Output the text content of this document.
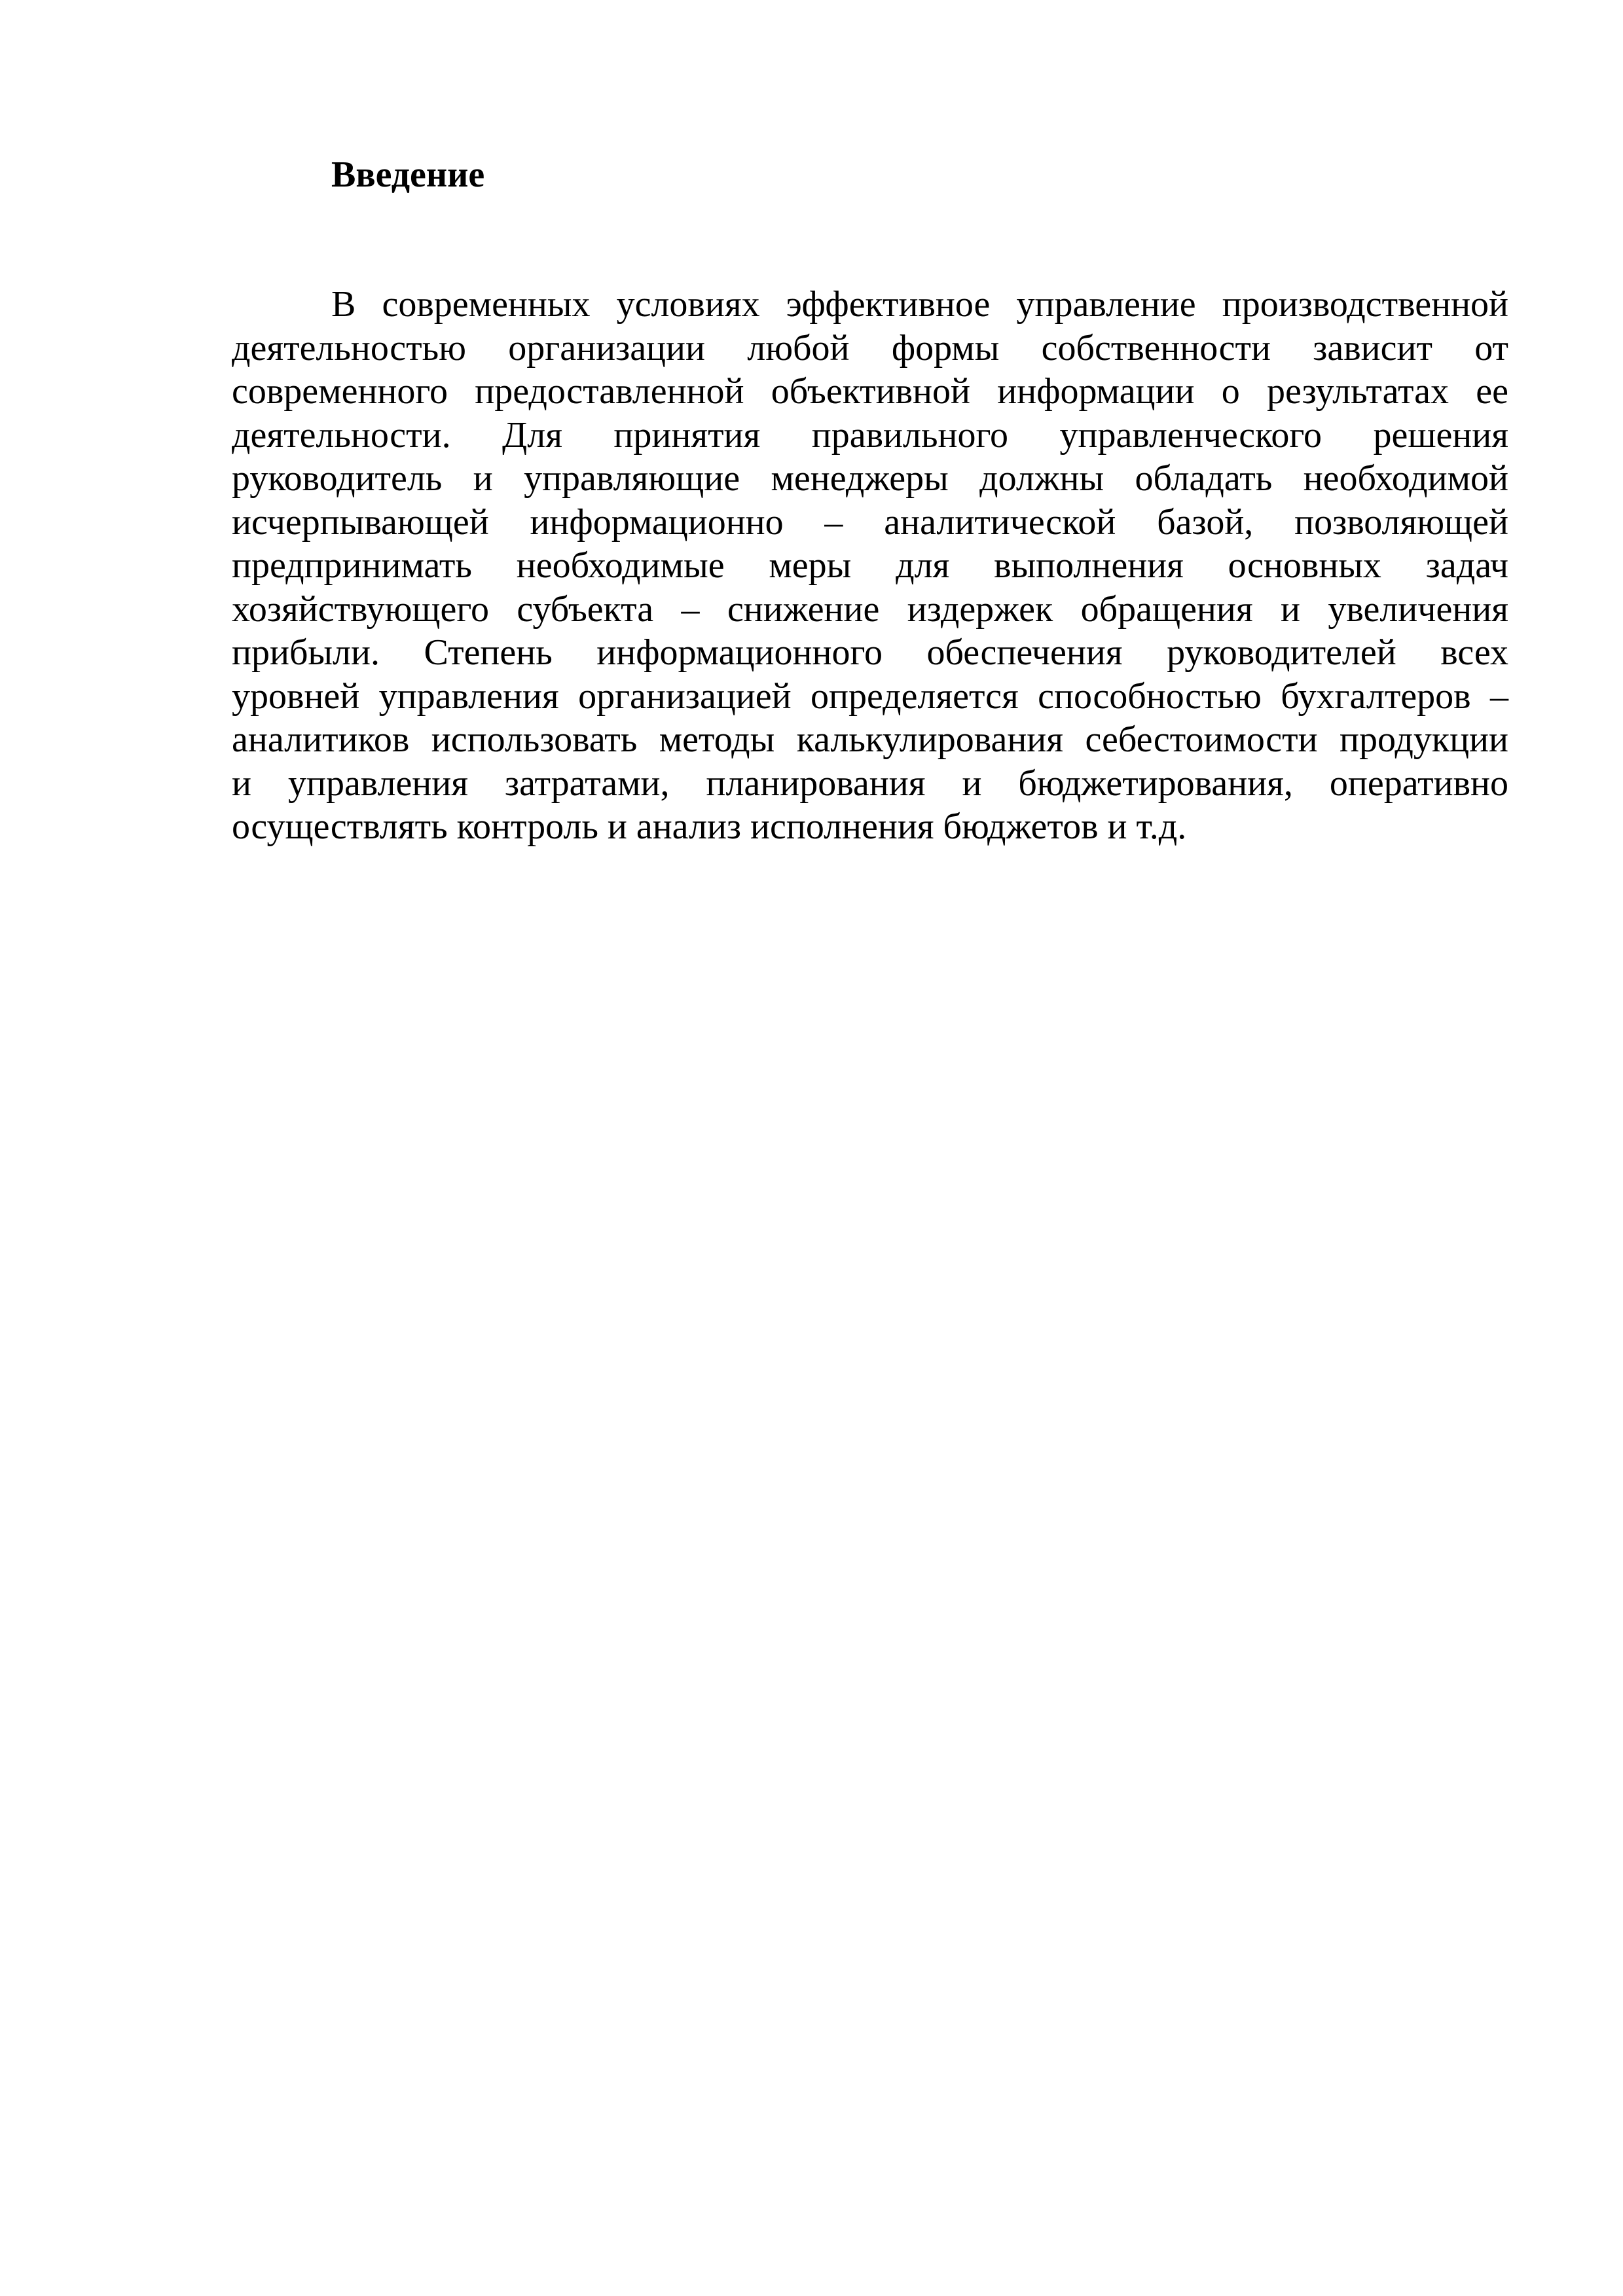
Введение
В современных условиях эффективное управление производственной
деятельностью организации любой формы собственности зависит от
современного предоставленной объективной информации о результатах ее
деятельности. Для принятия правильного управленческого решения
руководитель и управляющие менеджеры должны обладать необходимой
исчерпывающей информационно – аналитической базой, позволяющей
предпринимать необходимые меры для выполнения основных задач
хозяйствующего субъекта – снижение издержек обращения и увеличения
прибыли. Степень информационного обеспечения руководителей всех
уровней управления организацией определяется способностью бухгалтеров –
аналитиков использовать методы калькулирования себестоимости продукции
и управления затратами, планирования и бюджетирования, оперативно
осуществлять контроль и анализ исполнения бюджетов и т.д.
